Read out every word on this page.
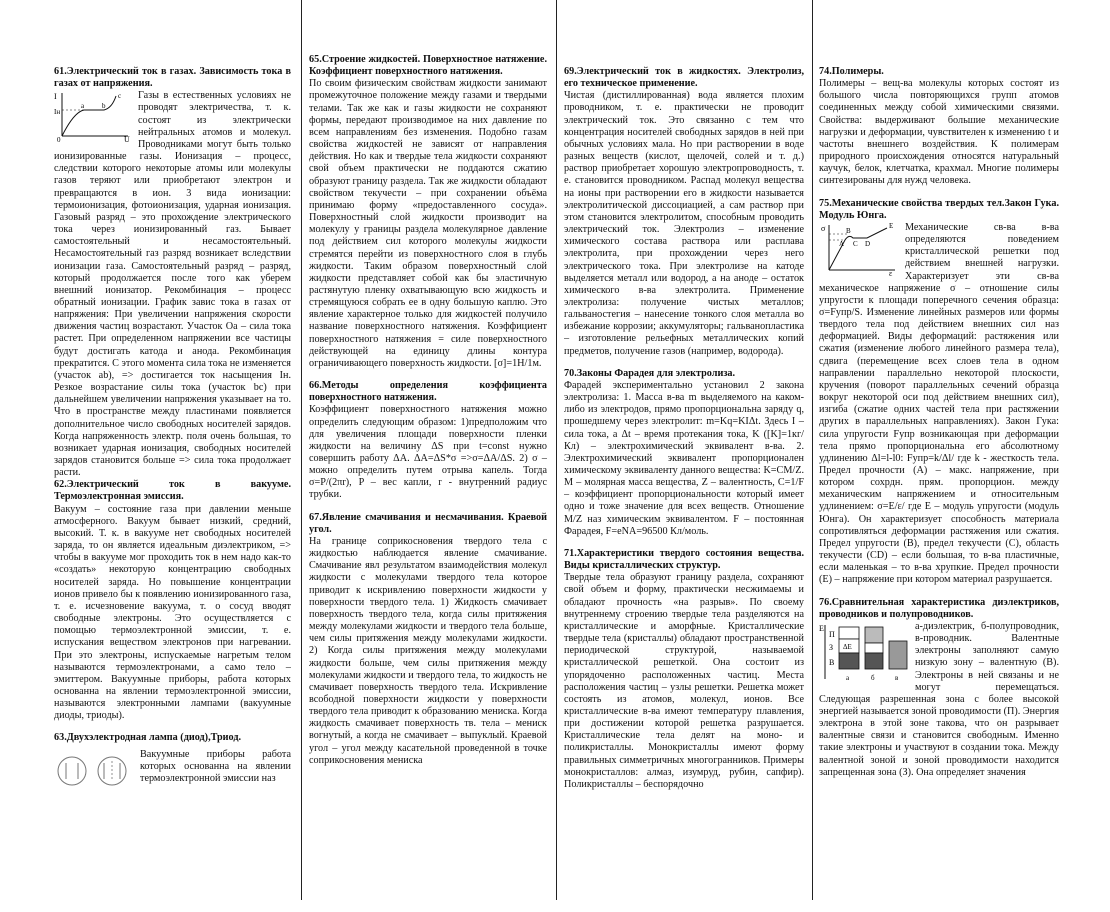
61.Электрический ток в газах. Зависимость тока в газах от напряжения.

I
Iн
U
0
a	b
c	Газы в естественных условиях не проводят электричества, т. к. состоят из электрически нейтральных атомов и молекул. Проводниками могут быть только ионизированные газы. Ионизация – процесс, следствии которого некоторые атомы или молекулы газов теряют или приобретают электрон и превращаются в ион. 3 вида ионизации: термоионизация, фотоионизация, ударная ионизация. Газовый разряд – это прохождение электрического тока через ионизированный газ. Бывает самостоятельный и несамостоятельный. Несамостоятельный газ разряд возникает вследствии ионизации газа. Самостоятельный разряд – разряд, который продолжается после того как уберем внешний ионизатор. Рекомбинация – процесс обратный ионизации. График завис тока в газах от напряжения: При увеличении напряжения скорости движения частиц возрастают. Участок Оа – сила тока растет. При определенном напряжении все частицы будут достигать катода и анода. Рекомбинация прекратится. С этого момента сила тока не изменяется (участок ab), => достигается ток насыщения Iн. Резкое возрастание силы тока (участок bc) при дальнейшем увеличении напряжения указывает на то. Что в пространстве между пластинами появляется дополнительное число свободных носителей зарядов. Когда напряженность электр. поля очень большая, то возникает ударная ионизация, свободных носителей зарядов становится больше => сила тока продолжает расти.

62.Электрический ток в вакууме. Термоэлектронная эмиссия.

Вакуум – состояние газа при давлении меньше атмосферного. Вакуум бывает низкий, средний, высокий. Т. к. в вакууме нет свободных носителей заряда, то он является идеальным диэлектриком, => чтобы в вакууме мог проходить ток в нем надо как-то «создать» некоторую концентрацию свободных носителей заряда. Но повышение концентрации ионов привело бы к появлению ионизированного газа, т. е. исчезновение вакуума, т. о сосуд вводят свободные электроны. Это осуществляется с помощью термоэлектронной эмиссии, т. е. испускания веществом электронов при нагревании. При это электроны, испускаемые нагретым телом называются термоэлектронами, а само тело – эмиттером. Вакуумные приборы, работа которых основанна на явлении термоэлектронной эмиссии, называются электронными лампами (вакуумные диоды, триоды).

63.Двухэлектродная лампа (диод),Триод.

Вакуумные приборы работа которых основанна на явлении термоэлектронной эмиссии наз

65.Строение жидкостей. Поверхностное натяжение. Коэффициент поверхностного натяжения.

По своим физическим свойствам жидкости занимают промежуточное положение между газами и твердыми телами. Так же как и газы жидкости не сохраняют формы, передают производимое на них давление по всем направлениям без изменения. Подобно газам свойства жидкостей не зависят от направления действия. Но как и твердые тела жидкости сохраняют свой объем практически не поддаются сжатию образуют границу раздела. Так же жидкости обладают свойством текучести – при сохранении объёма принимаю форму «предоставленного сосуда». Поверхностный слой жидкости производит на молекулу у границы раздела молекулярное давление под действием сил которого молекулы жидкости стремятся перейти из поверхностного слоя в глубь жидкости. Таким образом поверхностный слой жидкости представляет собой как бы эластичную растянутую пленку охватывающую всю жидкость и стремящуюся собрать ее в одну большую каплю. Это явление характерное только для жидкостей получило название поверхностного натяжения. Коэффициент поверхностного натяжения = силе поверхностного действующей на единицу длины контура ограничивающего поверхность жидкости. [σ]=1Н/1м.

66.Методы определения коэффициента поверхностного натяжения.

Коэффициент поверхностного натяжения можно определить следующим образом: 1)предположим что для увеличения площади поверхности пленки жидкости на величину ΔS при t=const нужно совершить работу ΔA. ΔA=ΔS*σ =>σ=ΔA/ΔS. 2) σ – можно определить путем отрыва капель. Тогда σ=P/(2πr), P – вес капли, r - внутренний радиус трубки.

67.Явление смачивания и несмачивания. Краевой угол.

На границе соприкосновения твердого тела с жидкостью наблюдается явление смачивание. Смачивание явл результатом взаимодействия молекул жидкости с молекулами твердого тела которое приводит к искривлению поверхности жидкости у поверхности твердого тела. 1) Жидкость смачивает поверхность твердого тела, когда силы притяжения между молекулами жидкости и твердого тела больше, чем силы притяжения между молекулами жидкости. 2) Когда силы притяжения между молекулами жидкости больше, чем силы притяжения между молекулами жидкости и твердого тела, то жидкость не смачивает поверхность твердого тела. Искривление всободной поверхности жидкости у поверхности твердого тела приводит к образованию мениска. Когда жидкость смачивает поверхность тв. тела – мениск вогнутый, а когда не смачивает – выпуклый. Краевой угол – угол между касательной проведенной в точке соприкосновения мениска

69.Электрический ток в жидкостях. Электролиз, его техническое применение.

Чистая (дистиллированная) вода является плохим проводником, т. е. практически не проводит электрический ток. Это связанно с тем что концентрация носителей свободных зарядов в ней при обычных условиях мала. Но при растворении в воде разных веществ (кислот, щелочей, солей и т. д.) раствор приобретает хорошую электропроводность, т. е. становится проводником. Распад молекул вещества на ионы при растворении его в жидкости называется электролитической диссоциацией, а сам раствор при этом становится электролитом, способным проводить электрический ток. Электролиз – изменение химического состава раствора или расплава электролита, при прохождении через него электрического тока. При электролизе на катоде выделяется металл или водород, а на аноде – остаток химического в-ва электролита. Применение электролиза: получение чистых металлов; гальваностегия – нанесение тонкого слоя металла во избежание коррозии; аккумуляторы; гальванопластика – изготовление рельефных металлических копий предметов, получение газов (например, водорода).

70.Законы Фарадея для электролиза.

Фарадей экспериментально установил 2 закона электролиза: 1. Масса в-ва m выделяемого на каком-либо из электродов, прямо пропорциональна заряду q, прошедшему через электролит: m=Kq=KIΔt. Здесь I – сила тока, а Δt – время протекания тока, K ([K]=1кг/Кл) – электрохимический эквивалент в-ва. 2. Электрохимический эквивалент пропорционален химическому эквиваленту данного вещества: K=CM/Z. M – молярная масса вещества, Z – валентность, C=1/F – коэффициент пропорциональности который имеет одно и тоже значение для всех веществ. Отношение M/Z наз химическим эквивалентом. F – постоянная Фарадея, F=eNA=96500 Кл/моль.

71.Характеристики твердого состояния вещества. Виды кристаллических структур.

Твердые тела образуют границу раздела, сохраняют свой объем и форму, практически несжимаемы и обладают прочность «на разрыв». По своему внутреннему строению твердые тела разделяются на кристаллические и аморфные. Кристаллические твердые тела (кристаллы) обладают пространственной периодической структурой, называемой кристаллической решеткой. Она состоит из упорядоченно расположенных частиц. Места расположения частиц – узлы решетки. Решетка может состоять из атомов, молекул, ионов. Все кристаллические в-ва имеют температуру плавления, при достижении которой решетка разрушается. Кристаллические тела делят на моно- и поликристаллы. Монокристаллы имеют форму правильных симметричных многогранников. Примеры монокристаллов: алмаз, изумруд, рубин, сапфир). Поликристаллы – беспорядочно

74.Полимеры.

Полимеры – вещ-ва молекулы которых состоят из большого числа повторяющихся групп атомов соединенных между собой химическими связями. Свойства: выдерживают большие механические нагрузки и деформации, чувствителен к изменению t и частоты внешнего воздействия. К полимерам природного происхождения относятся натуральный каучук, белок, клетчатка, крахмал. Многие полимеры синтезированы для нужд человека.

75.Механические свойства твердых тел.Закон Гука. Модуль Юнга.

σ
ε
A
B
C D
E	Механические св-ва в-ва определяются поведением кристаллической решетки под действием внешней нагрузки. Характеризует эти св-ва механическое напряжение σ – отношение силы упругости к площади поперечного сечения образца: σ=Fупр/S. Изменение линейных размеров или формы твердого тела под действием внешних сил наз деформацией. Виды деформаций: растяжения или сжатия (изменение любого линейного размера тела), сдвига (перемещение всех слоев тела в одном направлении параллельно некоторой плоскости, кручения (поворот параллельных сечений образца вокруг некоторой оси под действием внешних сил), изгиба (сжатие одних частей тела при растяжении других в параллельных направлениях). Закон Гука: сила упругости Fупр возникающая при деформации тела прямо пропорциональна его абсолютному удлинению Δl=l-l0: Fупр=k/Δl/ где k - жесткость тела. Предел прочности (А) – макс. напряжение, при котором сохрдн. прям. пропорцион. между механическим напряжением и относительным удлинением: σ=E/ε/ где E – модуль упругости (модуль Юнга). Он характеризует способность материала сопротивляться деформации растяжения или сжатия. Предел упругости (В), предел текучести (С), область текучести (CD) – если большая, то в-ва пластичные, если маленькая – то в-ва хрупкие. Предел прочности (E) – напряжение при котором материал разрушается.

76.Сравнительная характеристика диэлектриков, проводников и полупроводников.

E
П
З
В
ΔE
a	б	в

а-диэлектрик, б-полупроводник, в-проводник. Валентные электроны заполняют самую низкую зону – валентную (В). Электроны в ней связаны и не могут перемещаться. Следующая разрешенная зона с более высокой энергией называется зоной проводимости (П). Энергия электрона в этой зоне такова, что он разрывает валентные связи и становится свободным. Именно такие электроны и участвуют в создании тока. Между валентной зоной и зоной проводимости находится запрещенная зона (З). Она определяет значения
